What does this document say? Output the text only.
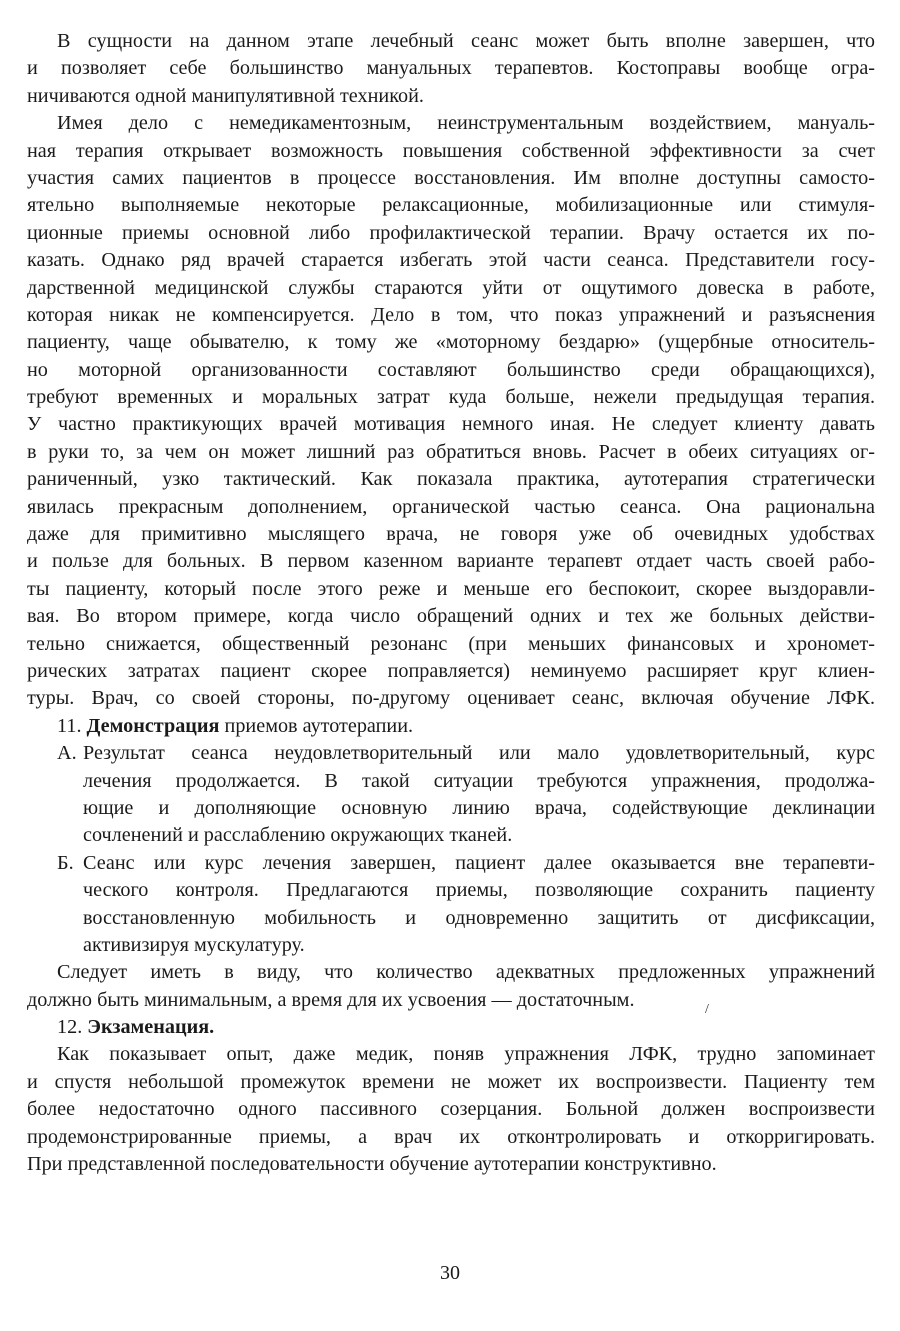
В сущности на данном этапе лечебный сеанс может быть вполне завершен, что
и позволяет себе большинство мануальных терапевтов. Костоправы вообще огра-
ничиваются одной манипулятивной техникой.
Имея дело с немедикаментозным, неинструментальным воздействием, мануаль-
ная терапия открывает возможность повышения собственной эффективности за счет
участия самих пациентов в процессе восстановления. Им вполне доступны самосто-
ятельно выполняемые некоторые релаксационные, мобилизационные или стимуля-
ционные приемы основной либо профилактической терапии. Врачу остается их по-
казать. Однако ряд врачей старается избегать этой части сеанса. Представители госу-
дарственной медицинской службы стараются уйти от ощутимого довеска в работе,
которая никак не компенсируется. Дело в том, что показ упражнений и разъяснения
пациенту, чаще обывателю, к тому же «моторному бездарю» (ущербные относитель-
но моторной организованности составляют большинство среди обращающихся),
требуют временных и моральных затрат куда больше, нежели предыдущая терапия.
У частно практикующих врачей мотивация немного иная. Не следует клиенту давать
в руки то, за чем он может лишний раз обратиться вновь. Расчет в обеих ситуациях ог-
раниченный, узко тактический. Как показала практика, аутотерапия стратегически
явилась прекрасным дополнением, органической частью сеанса. Она рациональна
даже для примитивно мыслящего врача, не говоря уже об очевидных удобствах
и пользе для больных. В первом казенном варианте терапевт отдает часть своей рабо-
ты пациенту, который после этого реже и меньше его беспокоит, скорее выздоравли-
вая. Во втором примере, когда число обращений одних и тех же больных действи-
тельно снижается, общественный резонанс (при меньших финансовых и хрономет-
рических затратах пациент скорее поправляется) неминуемо расширяет круг клиен-
туры. Врач, со своей стороны, по-другому оценивает сеанс, включая обучение ЛФК.
11. Демонстрация приемов аутотерапии.
А. Результат сеанса неудовлетворительный или мало удовлетворительный, курс
лечения продолжается. В такой ситуации требуются упражнения, продолжа-
ющие и дополняющие основную линию врача, содействующие деклинации
сочленений и расслаблению окружающих тканей.
Б. Сеанс или курс лечения завершен, пациент далее оказывается вне терапевти-
ческого контроля. Предлагаются приемы, позволяющие сохранить пациенту
восстановленную мобильность и одновременно защитить от дисфиксации,
активизируя мускулатуру.
Следует иметь в виду, что количество адекватных предложенных упражнений
должно быть минимальным, а время для их усвоения — достаточным.
12. Экзаменация.
Как показывает опыт, даже медик, поняв упражнения ЛФК, трудно запоминает
и спустя небольшой промежуток времени не может их воспроизвести. Пациенту тем
более недостаточно одного пассивного созерцания. Больной должен воспроизвести
продемонстрированные приемы, а врач их отконтролировать и откорригировать.
При представленной последовательности обучение аутотерапии конструктивно.
30
/
